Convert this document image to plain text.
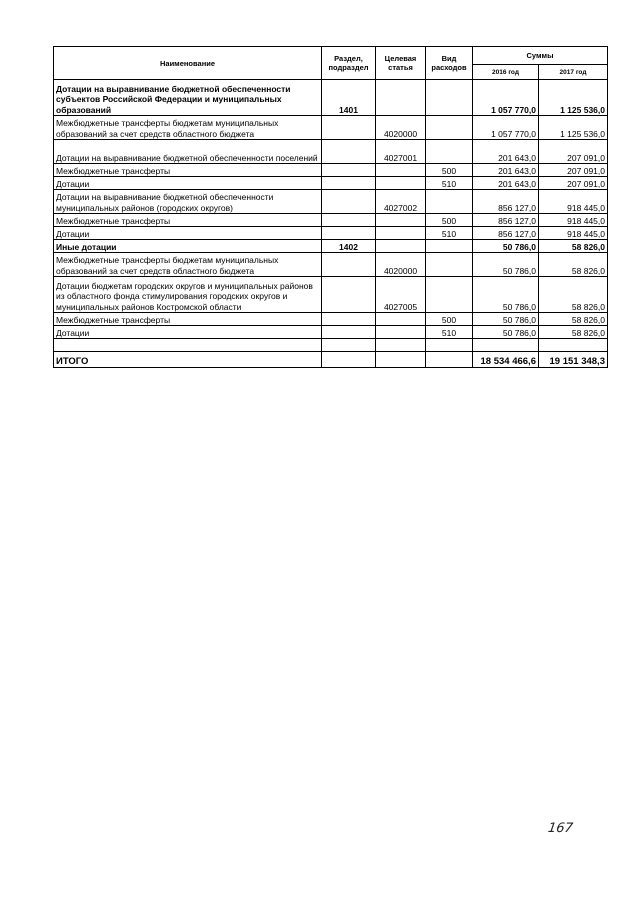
Наименование	Раздел, подраздел	Целевая статья	Вид расходов	Суммы	
				2016 год	2017 год
Дотации на выравнивание бюджетной обеспеченности субъектов Российской Федерации и муниципальных образований	1401			1 057 770,0	1 125 536,0
Межбюджетные трансферты бюджетам муниципальных образований за счет средств областного бюджета		4020000		1 057 770,0	1 125 536,0
Дотации на выравнивание бюджетной обеспеченности поселений		4027001		201 643,0	207 091,0
Межбюджетные трансферты			500	201 643,0	207 091,0
Дотации			510	201 643,0	207 091,0
Дотации на выравнивание бюджетной обеспеченности муниципальных районов (городских округов)		4027002		856 127,0	918 445,0
Межбюджетные трансферты			500	856 127,0	918 445,0
Дотации			510	856 127,0	918 445,0
Иные дотации	1402			50 786,0	58 826,0
Межбюджетные трансферты бюджетам муниципальных образований за счет средств областного бюджета		4020000		50 786,0	58 826,0
Дотации бюджетам городских округов и муниципальных районов из областного фонда стимулирования городских округов и муниципальных районов Костромской области		4027005		50 786,0	58 826,0
Межбюджетные трансферты			500	50 786,0	58 826,0
Дотации			510	50 786,0	58 826,0

ИТОГО				18 534 466,6	19 151 348,3
167
